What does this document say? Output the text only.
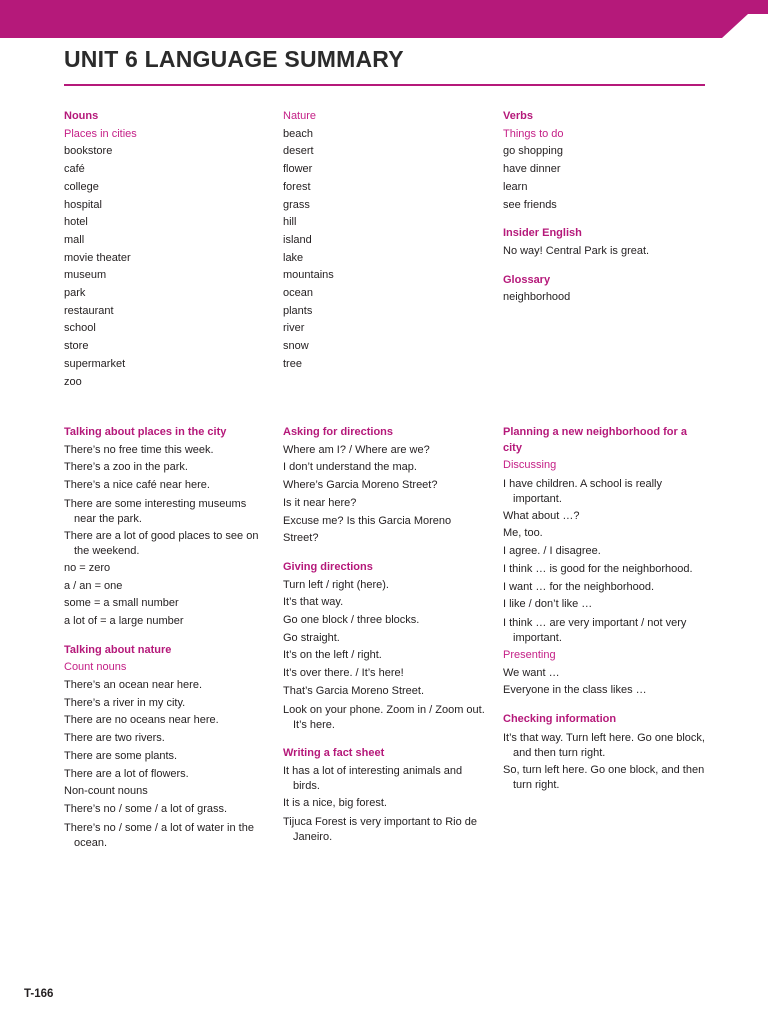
UNIT 6 LANGUAGE SUMMARY
Nouns
Places in cities
bookstore
café
college
hospital
hotel
mall
movie theater
museum
park
restaurant
school
store
supermarket
zoo
Talking about places in the city
There’s no free time this week.
There’s a zoo in the park.
There’s a nice café near here.
There are some interesting museums near the park.
There are a lot of good places to see on the weekend.
no = zero
a / an = one
some = a small number
a lot of = a large number
Talking about nature
Count nouns
There’s an ocean near here.
There’s a river in my city.
There are no oceans near here.
There are two rivers.
There are some plants.
There are a lot of flowers.
Non-count nouns
There’s no / some / a lot of grass.
There’s no / some / a lot of water in the ocean.
Nature
beach
desert
flower
forest
grass
hill
island
lake
mountains
ocean
plants
river
snow
tree
Asking for directions
Where am I? / Where are we?
I don’t understand the map.
Where’s Garcia Moreno Street?
Is it near here?
Excuse me? Is this Garcia Moreno Street?
Giving directions
Turn left / right (here).
It’s that way.
Go one block / three blocks.
Go straight.
It’s on the left / right.
It’s over there. / It’s here!
That’s Garcia Moreno Street.
Look on your phone. Zoom in / Zoom out. It’s here.
Writing a fact sheet
It has a lot of interesting animals and birds.
It is a nice, big forest.
Tijuca Forest is very important to Rio de Janeiro.
Verbs
Things to do
go shopping
have dinner
learn
see friends
Insider English
No way! Central Park is great.
Glossary
neighborhood
Planning a new neighborhood for a city
Discussing
I have children. A school is really important.
What about …?
Me, too.
I agree. / I disagree.
I think … is good for the neighborhood.
I want … for the neighborhood.
I like / don’t like …
I think … are very important / not very important.
Presenting
We want …
Everyone in the class likes …
Checking information
It’s that way. Turn left here. Go one block, and then turn right.
So, turn left here. Go one block, and then turn right.
T-166
